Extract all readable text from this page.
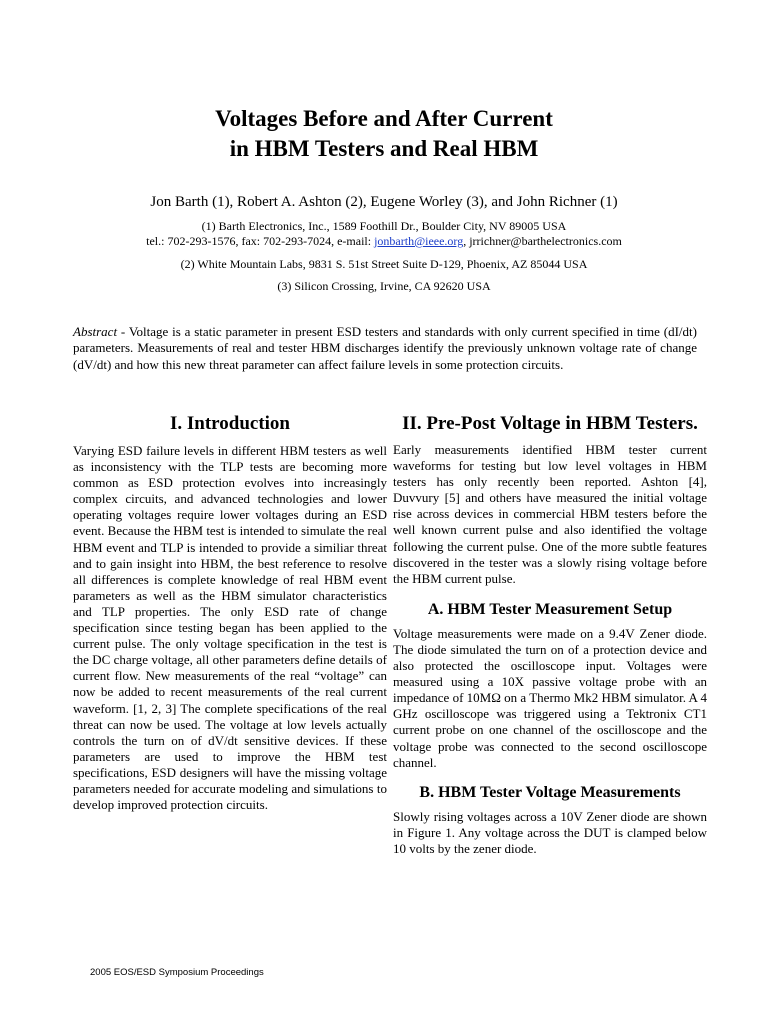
Voltages Before and After Current
in HBM Testers and Real HBM
Jon Barth (1), Robert A. Ashton (2), Eugene Worley (3), and John Richner (1)
(1) Barth Electronics, Inc., 1589 Foothill Dr., Boulder City, NV 89005 USA
tel.: 702-293-1576, fax: 702-293-7024, e-mail: jonbarth@ieee.org, jrrichner@barthelectronics.com
(2) White Mountain Labs, 9831 S. 51st Street Suite D-129, Phoenix, AZ 85044 USA
(3) Silicon Crossing, Irvine, CA 92620 USA
Abstract - Voltage is a static parameter in present ESD testers and standards with only current specified in time (dI/dt) parameters. Measurements of real and tester HBM discharges identify the previously unknown voltage rate of change (dV/dt) and how this new threat parameter can affect failure levels in some protection circuits.
I. Introduction
Varying ESD failure levels in different HBM testers as well as inconsistency with the TLP tests are becoming more common as ESD protection evolves into increasingly complex circuits, and advanced technologies and lower operating voltages require lower voltages during an ESD event. Because the HBM test is intended to simulate the real HBM event and TLP is intended to provide a similiar threat and to gain insight into HBM, the best reference to resolve all differences is complete knowledge of real HBM event parameters as well as the HBM simulator characteristics and TLP properties. The only ESD rate of change specification since testing began has been applied to the current pulse. The only voltage specification in the test is the DC charge voltage, all other parameters define details of current flow. New measurements of the real “voltage” can now be added to recent measurements of the real current waveform. [1, 2, 3] The complete specifications of the real threat can now be used. The voltage at low levels actually controls the turn on of dV/dt sensitive devices. If these parameters are used to improve the HBM test specifications, ESD designers will have the missing voltage parameters needed for accurate modeling and simulations to develop improved protection circuits.
II. Pre-Post Voltage in HBM Testers.
Early measurements identified HBM tester current waveforms for testing but low level voltages in HBM testers has only recently been reported. Ashton [4], Duvvury [5] and others have measured the initial voltage rise across devices in commercial HBM testers before the well known current pulse and also identified the voltage following the current pulse. One of the more subtle features discovered in the tester was a slowly rising voltage before the HBM current pulse.
A. HBM Tester Measurement Setup
Voltage measurements were made on a 9.4V Zener diode. The diode simulated the turn on of a protection device and also protected the oscilloscope input. Voltages were measured using a 10X passive voltage probe with an impedance of 10MΩ on a Thermo Mk2 HBM simulator. A 4 GHz oscilloscope was triggered using a Tektronix CT1 current probe on one channel of the oscilloscope and the voltage probe was connected to the second oscilloscope channel.
B. HBM Tester Voltage Measurements
Slowly rising voltages across a 10V Zener diode are shown in Figure 1. Any voltage across the DUT is clamped below 10 volts by the zener diode.
2005 EOS/ESD Symposium Proceedings
